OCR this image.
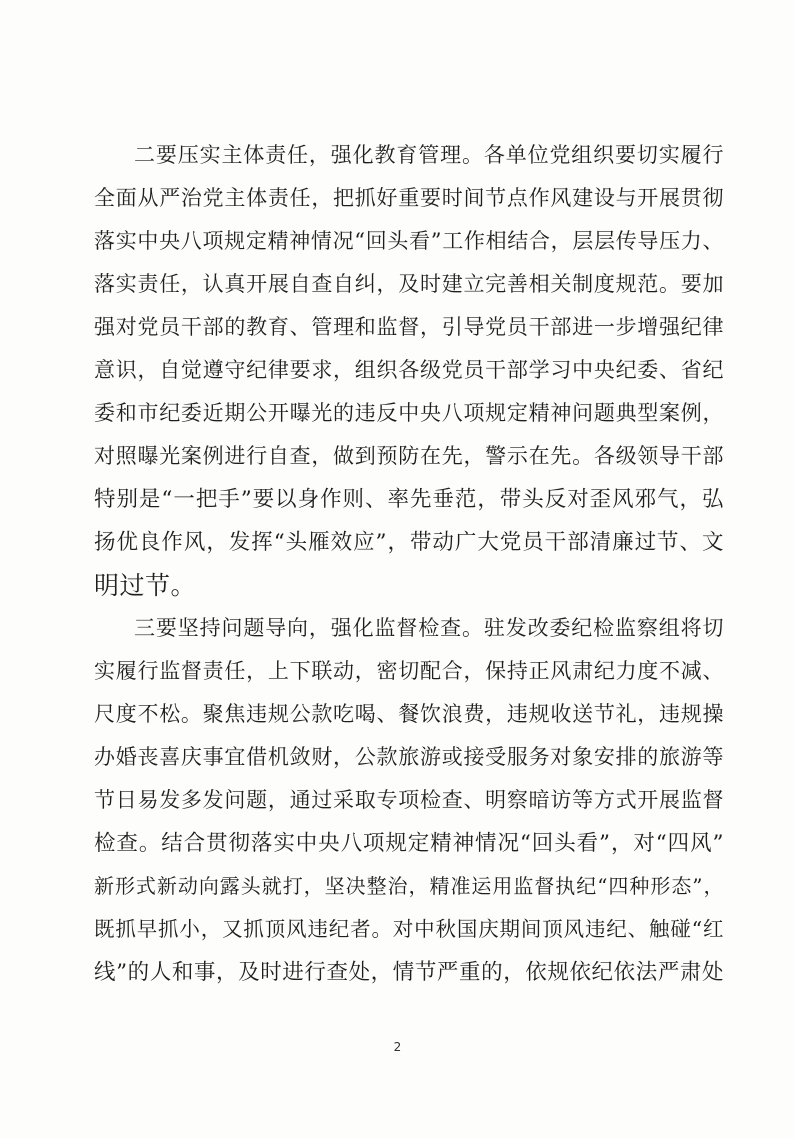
二要压实主体责任，强化教育管理。各单位党组织要切实履行
全面从严治党主体责任，把抓好重要时间节点作风建设与开展贯彻
落实中央八项规定精神情况“回头看”工作相结合，层层传导压力、
落实责任，认真开展自查自纠，及时建立完善相关制度规范。要加
强对党员干部的教育、管理和监督，引导党员干部进一步增强纪律
意识，自觉遵守纪律要求，组织各级党员干部学习中央纪委、省纪
委和市纪委近期公开曝光的违反中央八项规定精神问题典型案例，
对照曝光案例进行自查，做到预防在先，警示在先。各级领导干部
特别是“一把手”要以身作则、率先垂范，带头反对歪风邪气，弘
扬优良作风，发挥“头雁效应”，带动广大党员干部清廉过节、文
明过节。
三要坚持问题导向，强化监督检查。驻发改委纪检监察组将切
实履行监督责任，上下联动，密切配合，保持正风肃纪力度不减、
尺度不松。聚焦违规公款吃喝、餐饮浪费，违规收送节礼，违规操
办婚丧喜庆事宜借机敛财，公款旅游或接受服务对象安排的旅游等
节日易发多发问题，通过采取专项检查、明察暗访等方式开展监督
检查。结合贯彻落实中央八项规定精神情况“回头看”，对“四风”
新形式新动向露头就打，坚决整治，精准运用监督执纪“四种形态”，
既抓早抓小，又抓顶风违纪者。对中秋国庆期间顶风违纪、触碰“红
线”的人和事，及时进行查处，情节严重的，依规依纪依法严肃处
2
